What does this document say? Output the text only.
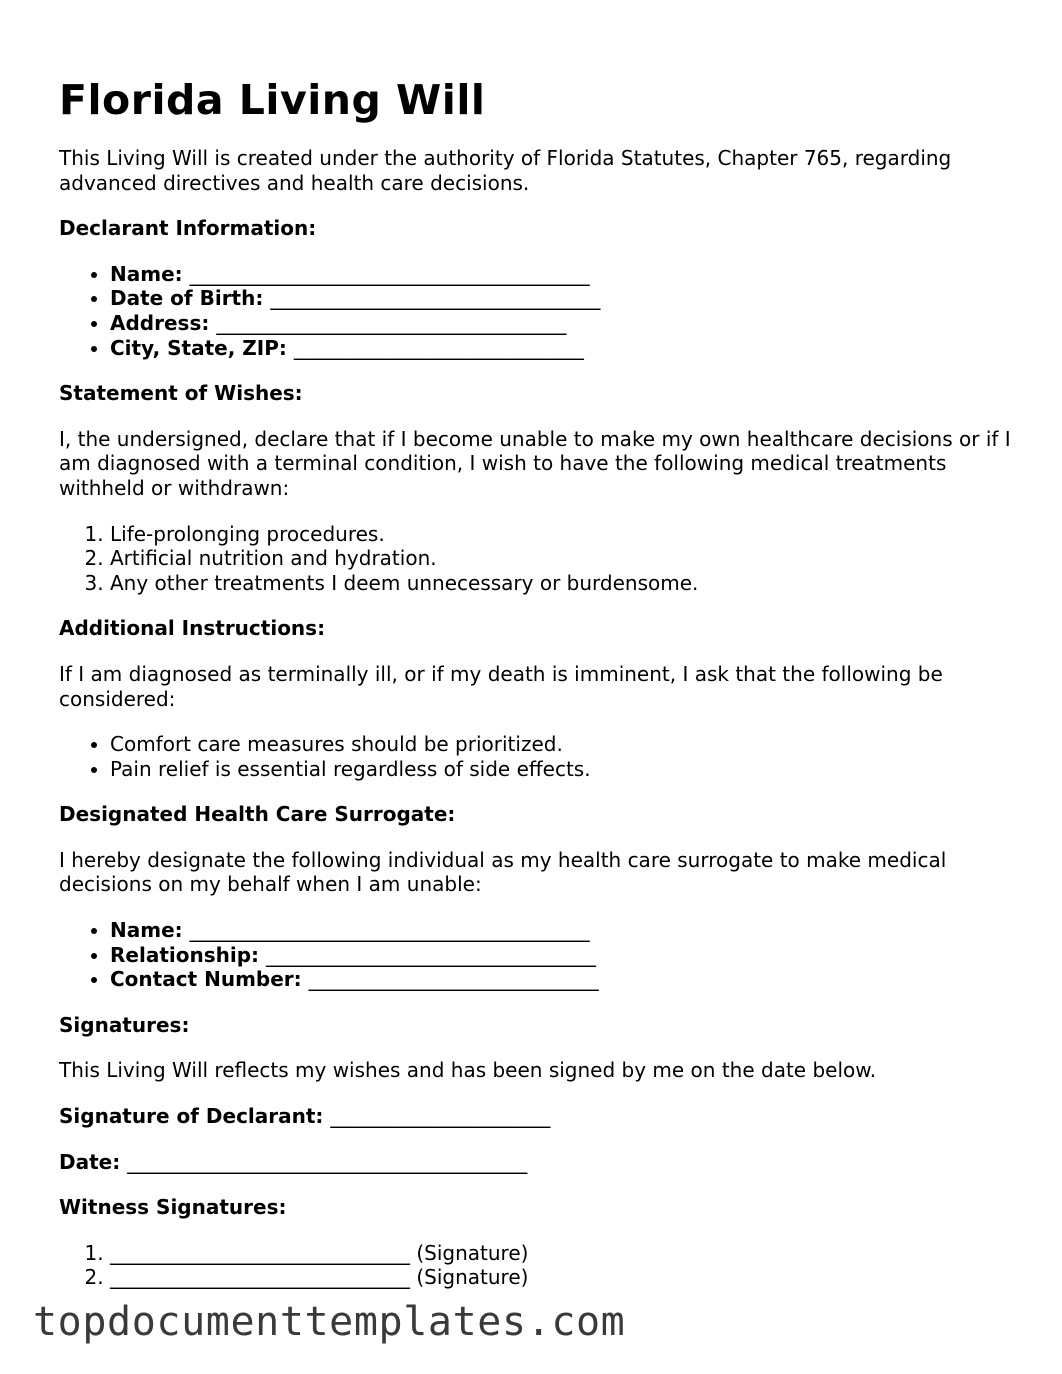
Florida Living Will

This Living Will is created under the authority of Florida Statutes, Chapter 765, regarding advanced directives and health care decisions.

Declarant Information:
• Name: ________________________________________
• Date of Birth: _________________________________
• Address: ___________________________________
• City, State, ZIP: _____________________________
Statement of Wishes:

I, the undersigned, declare that if I become unable to make my own healthcare decisions or if I am diagnosed with a terminal condition, I wish to have the following medical treatments withheld or withdrawn:

1. Life-prolonging procedures.
2. Artificial nutrition and hydration.
3. Any other treatments I deem unnecessary or burdensome.
Additional Instructions:

If I am diagnosed as terminally ill, or if my death is imminent, I ask that the following be considered:

• Comfort care measures should be prioritized.
• Pain relief is essential regardless of side effects.
Designated Health Care Surrogate:

I hereby designate the following individual as my health care surrogate to make medical decisions on my behalf when I am unable:

• Name: ________________________________________
• Relationship: _________________________________
• Contact Number: _____________________________
Signatures:

This Living Will reflects my wishes and has been signed by me on the date below.

Signature of Declarant: ______________________
Date: ________________________________________
Witness Signatures:
1. ______________________________ (Signature)
2. ______________________________ (Signature)
topdocumenttemplates.com
